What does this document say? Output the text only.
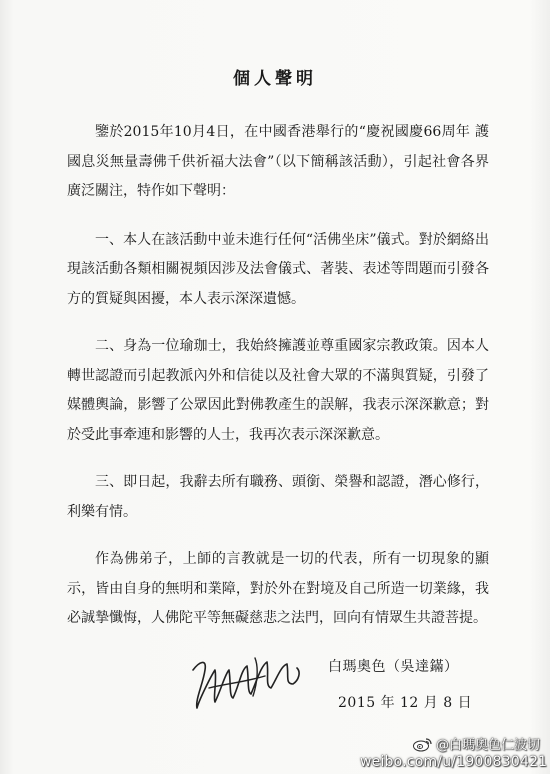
個人聲明

鑒於2015年10月4日，在中國香港舉行的“慶祝國慶66周年 護國息災無量壽佛千供祈福大法會”（以下簡稱該活動），引起社會各界廣泛關注，特作如下聲明：

一、本人在該活動中並未進行任何“活佛坐床”儀式。對於網絡出現該活動各類相關視頻因涉及法會儀式、著裝、表述等問題而引發各方的質疑與困擾，本人表示深深遺憾。

二、身為一位瑜珈士，我始終擁護並尊重國家宗教政策。因本人轉世認證而引起教派內外和信徒以及社會大眾的不滿與質疑，引發了媒體輿論，影響了公眾因此對佛教產生的誤解，我表示深深歉意；對於受此事牽連和影響的人士，我再次表示深深歉意。

三、即日起，我辭去所有職務、頭銜、榮譽和認證，潛心修行，利樂有情。

作為佛弟子，上師的言教就是一切的代表，所有一切現象的顯示，皆由自身的無明和業障，對於外在對境及自己所造一切業緣，我必誠摯懺悔，人佛陀平等無礙慈悲之法門，回向有情眾生共證菩提。

白瑪奧色（吳達鏋）
2015 年 12 月 8 日
@白瑪奧色仁波切
weibo.com/u/1900830421
